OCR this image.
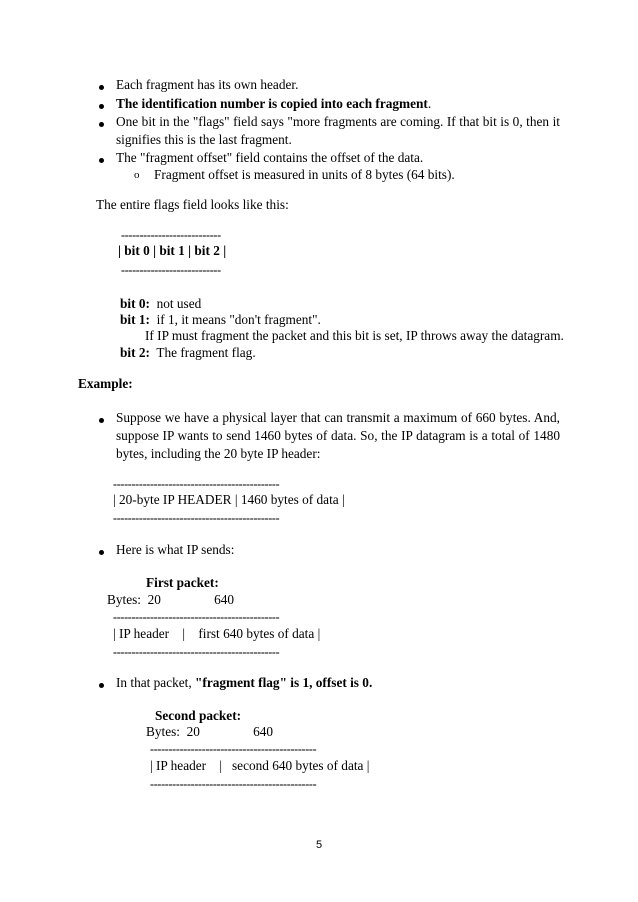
Each fragment has its own header.
The identification number is copied into each fragment.
One bit in the "flags" field says "more fragments are coming. If that bit is 0, then it signifies this is the last fragment.
The "fragment offset" field contains the offset of the data.
o Fragment offset is measured in units of 8 bytes (64 bits).
The entire flags field looks like this:
---------------------------
| bit 0 | bit 1 | bit 2 |
---------------------------
bit 0: not used
bit 1: if 1, it means "don't fragment".
If IP must fragment the packet and this bit is set, IP throws away the datagram.
bit 2: The fragment flag.
Example:
Suppose we have a physical layer that can transmit a maximum of 660 bytes. And, suppose IP wants to send 1460 bytes of data. So, the IP datagram is a total of 1480 bytes, including the 20 byte IP header:
---------------------------------------------
| 20-byte IP HEADER | 1460 bytes of data |
---------------------------------------------
Here is what IP sends:
First packet:
Bytes:  20                640
---------------------------------------------
| IP header    |    first 640 bytes of data |
---------------------------------------------
In that packet, "fragment flag" is 1, offset is 0.
Second packet:
Bytes:  20                640
---------------------------------------------
| IP header    |   second 640 bytes of data |
---------------------------------------------
5
